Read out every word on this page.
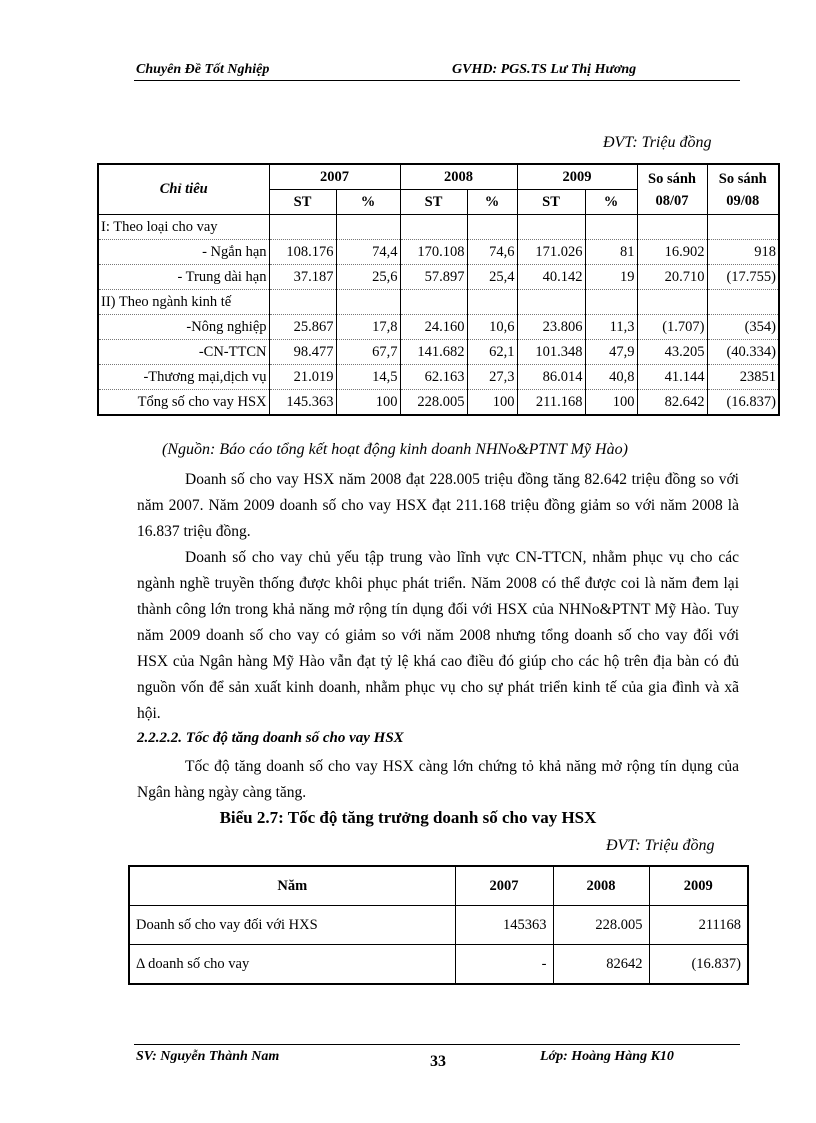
Chuyên Đề Tốt Nghiệp	GVHD: PGS.TS Lư Thị Hương
ĐVT: Triệu đồng
Chỉ tiêu	2007		2008		2009		So sánh 08/07	So sánh 09/08
	ST	%	ST	%	ST	%		
I: Theo loại cho vay								
- Ngắn hạn	108.176	74,4	170.108	74,6	171.026	81	16.902	918
- Trung dài hạn	37.187	25,6	57.897	25,4	40.142	19	20.710	(17.755)
II) Theo ngành kinh tế								
-Nông nghiệp	25.867	17,8	24.160	10,6	23.806	11,3	(1.707)	(354)
-CN-TTCN	98.477	67,7	141.682	62,1	101.348	47,9	43.205	(40.334)
-Thương mại,dịch vụ	21.019	14,5	62.163	27,3	86.014	40,8	41.144	23851
Tổng số cho vay HSX	145.363	100	228.005	100	211.168	100	82.642	(16.837)
(Nguồn: Báo cáo tổng kết hoạt động kinh doanh NHNo&PTNT Mỹ Hào)

Doanh số cho vay HSX năm 2008 đạt 228.005 triệu đồng tăng 82.642 triệu đồng so với năm 2007. Năm 2009 doanh số cho vay HSX đạt 211.168 triệu đồng giảm so với năm 2008 là 16.837 triệu đồng.

Doanh số cho vay chủ yếu tập trung vào lĩnh vực CN-TTCN, nhằm phục vụ cho các ngành nghề truyền thống được khôi phục phát triển. Năm 2008 có thể được coi là năm đem lại thành công lớn trong khả năng mở rộng tín dụng đối với HSX của NHNo&PTNT Mỹ Hào. Tuy năm 2009 doanh số cho vay có giảm so với năm 2008 nhưng tổng doanh số cho vay đối với HSX của Ngân hàng Mỹ Hào vẫn đạt tỷ lệ khá cao điều đó giúp cho các hộ trên địa bàn có đủ nguồn vốn để sản xuất kinh doanh, nhằm phục vụ cho sự phát triển kinh tế của gia đình và xã hội.

2.2.2.2. Tốc độ tăng doanh số cho vay HSX

Tốc độ tăng doanh số cho vay HSX càng lớn chứng tỏ khả năng mở rộng tín dụng của Ngân hàng ngày càng tăng.

Biểu 2.7: Tốc độ tăng trưởng doanh số cho vay HSX
ĐVT: Triệu đồng
Năm	2007	2008	2009
Doanh số cho vay đối với HXS	145363	228.005	211168
Δ doanh số cho vay	-	82642	(16.837)
SV: Nguyễn Thành Nam	33	Lớp: Hoàng Hàng K10
